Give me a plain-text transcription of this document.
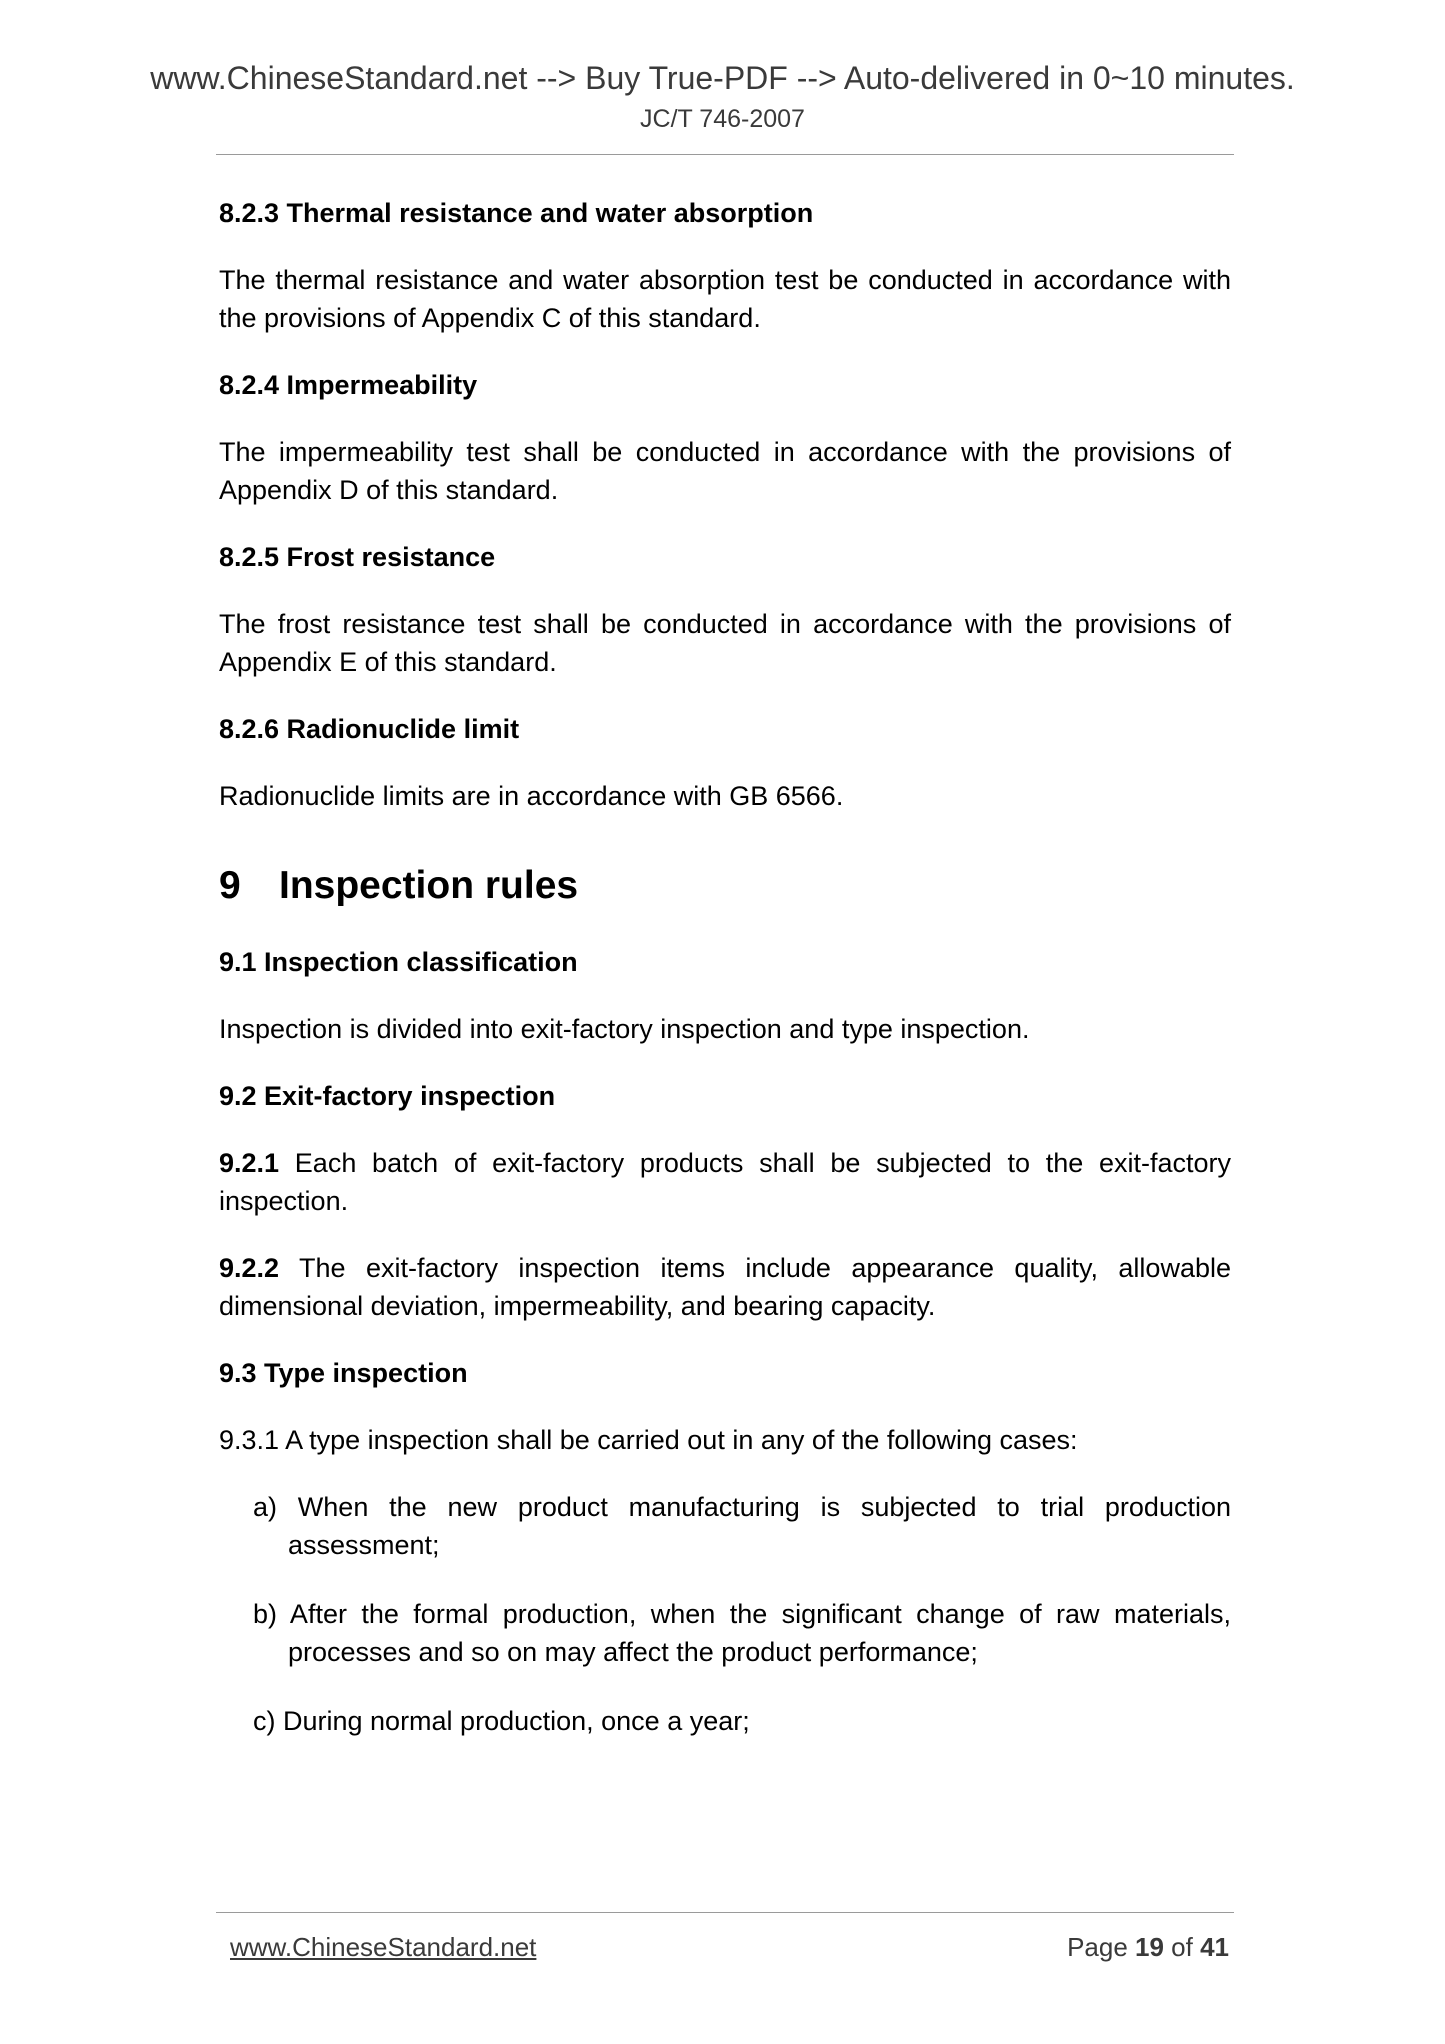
www.ChineseStandard.net --> Buy True-PDF --> Auto-delivered in 0~10 minutes.
JC/T 746-2007
8.2.3 Thermal resistance and water absorption
The thermal resistance and water absorption test be conducted in accordance with the provisions of Appendix C of this standard.
8.2.4 Impermeability
The impermeability test shall be conducted in accordance with the provisions of Appendix D of this standard.
8.2.5 Frost resistance
The frost resistance test shall be conducted in accordance with the provisions of Appendix E of this standard.
8.2.6 Radionuclide limit
Radionuclide limits are in accordance with GB 6566.
9 Inspection rules
9.1 Inspection classification
Inspection is divided into exit-factory inspection and type inspection.
9.2 Exit-factory inspection
9.2.1 Each batch of exit-factory products shall be subjected to the exit-factory inspection.
9.2.2 The exit-factory inspection items include appearance quality, allowable dimensional deviation, impermeability, and bearing capacity.
9.3 Type inspection
9.3.1 A type inspection shall be carried out in any of the following cases:
a) When the new product manufacturing is subjected to trial production assessment;
b) After the formal production, when the significant change of raw materials, processes and so on may affect the product performance;
c) During normal production, once a year;
www.ChineseStandard.net	Page 19 of 41
